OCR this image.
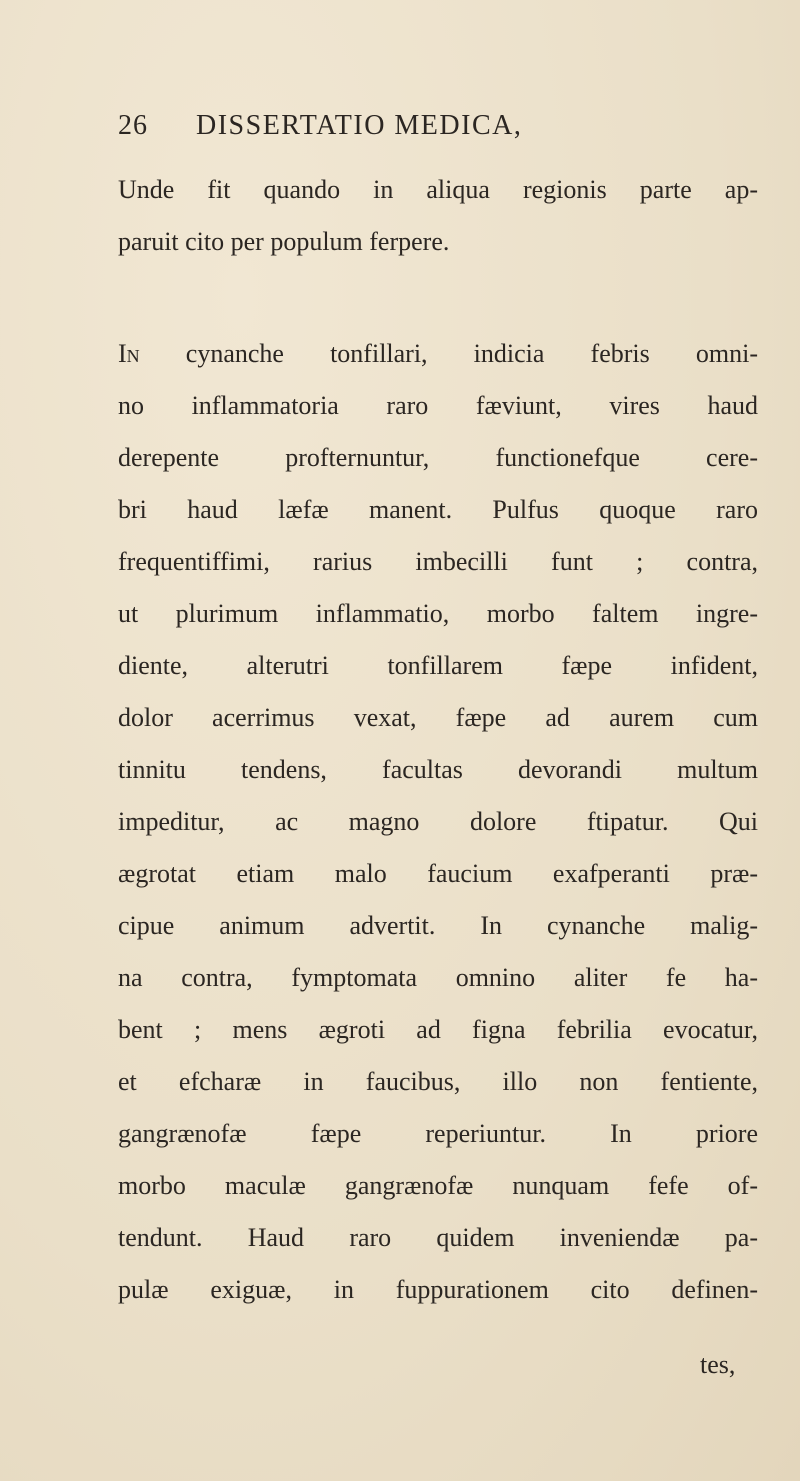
26 DISSERTATIO MEDICA,
Unde fit quando in aliqua regionis parte ap-
paruit cito per populum ferpere.
In cynanche tonfillari, indicia febris omni-
no inflammatoria raro fæviunt, vires haud
derepente profternuntur, functionefque cere-
bri haud læfæ manent. Pulfus quoque raro
frequentiffimi, rarius imbecilli funt ; contra,
ut plurimum inflammatio, morbo faltem ingre-
diente, alterutri tonfillarem fæpe infident,
dolor acerrimus vexat, fæpe ad aurem cum
tinnitu tendens, facultas devorandi multum
impeditur, ac magno dolore ftipatur. Qui
ægrotat etiam malo faucium exafperanti præ-
cipue animum advertit. In cynanche malig-
na contra, fymptomata omnino aliter fe ha-
bent ; mens ægroti ad figna febrilia evocatur,
et efcharæ in faucibus, illo non fentiente,
gangrænofæ fæpe reperiuntur. In priore
morbo maculæ gangrænofæ nunquam fefe of-
tendunt. Haud raro quidem inveniendæ pa-
pulæ exiguæ, in fuppurationem cito definen-
tes,
